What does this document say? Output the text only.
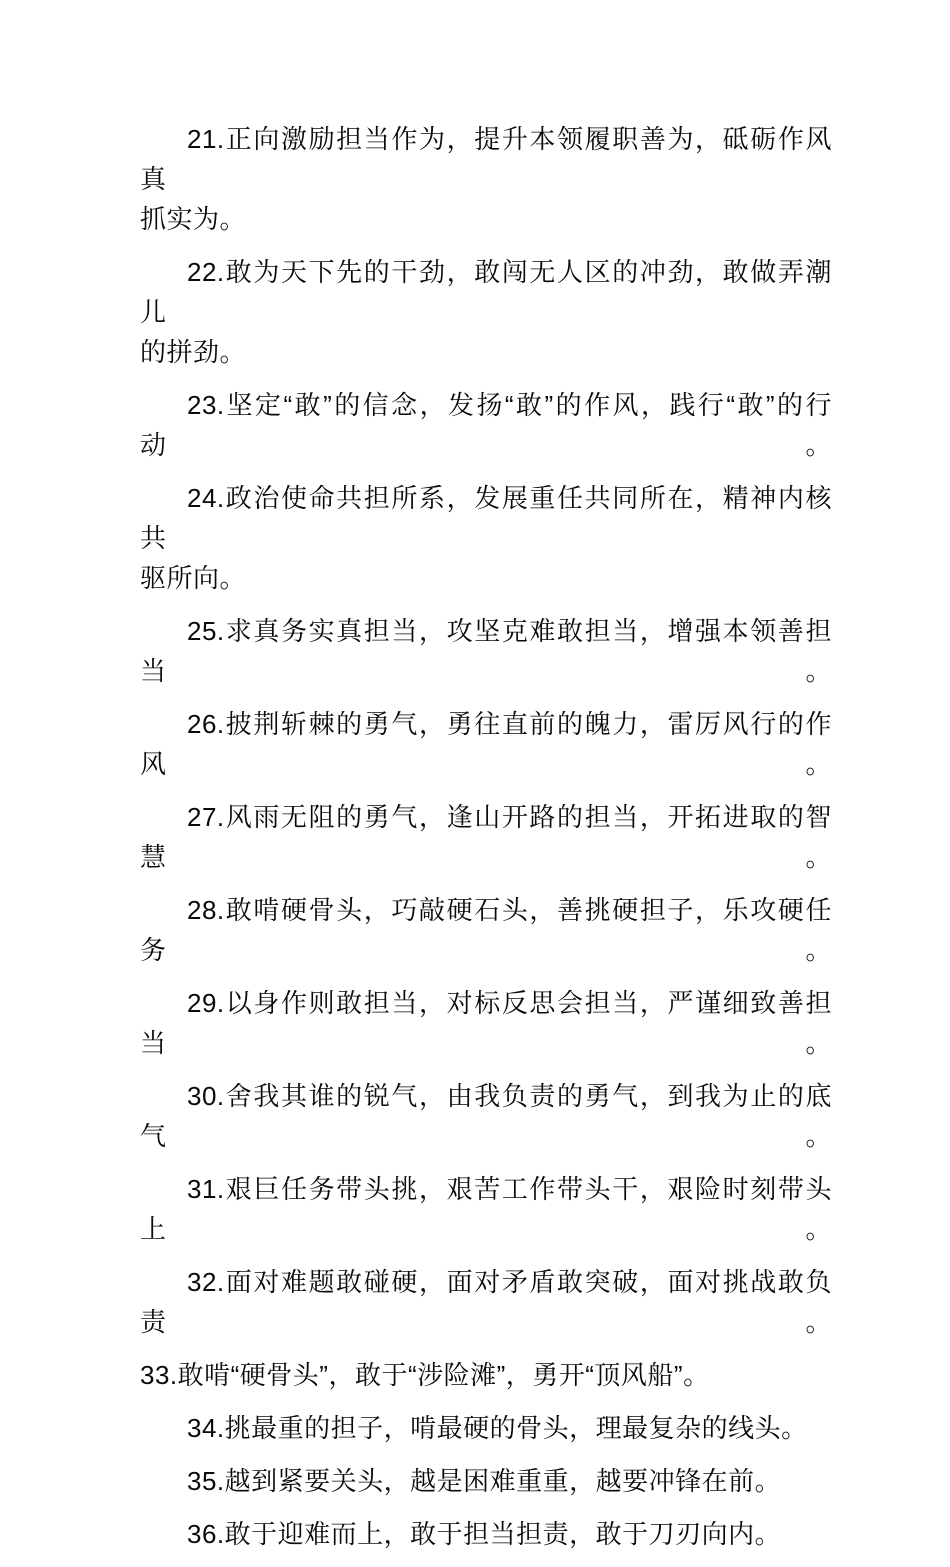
21.正向激励担当作为，提升本领履职善为，砥砺作风真
抓实为。
22.敢为天下先的干劲，敢闯无人区的冲劲，敢做弄潮儿
的拼劲。
23.坚定“敢”的信念，发扬“敢”的作风，践行“敢”的行动。
24.政治使命共担所系，发展重任共同所在，精神内核共
驱所向。
25.求真务实真担当，攻坚克难敢担当，增强本领善担当。
26.披荆斩棘的勇气，勇往直前的魄力，雷厉风行的作风。
27.风雨无阻的勇气，逢山开路的担当，开拓进取的智慧。
28.敢啃硬骨头，巧敲硬石头，善挑硬担子，乐攻硬任务。
29.以身作则敢担当，对标反思会担当，严谨细致善担当。
30.舍我其谁的锐气，由我负责的勇气，到我为止的底气。
31.艰巨任务带头挑，艰苦工作带头干，艰险时刻带头上。
32.面对难题敢碰硬，面对矛盾敢突破，面对挑战敢负责。
33.敢啃“硬骨头”，敢于“涉险滩”，勇开“顶风船”。
34.挑最重的担子，啃最硬的骨头，理最复杂的线头。
35.越到紧要关头，越是困难重重，越要冲锋在前。
36.敢于迎难而上，敢于担当担责，敢于刀刃向内。
